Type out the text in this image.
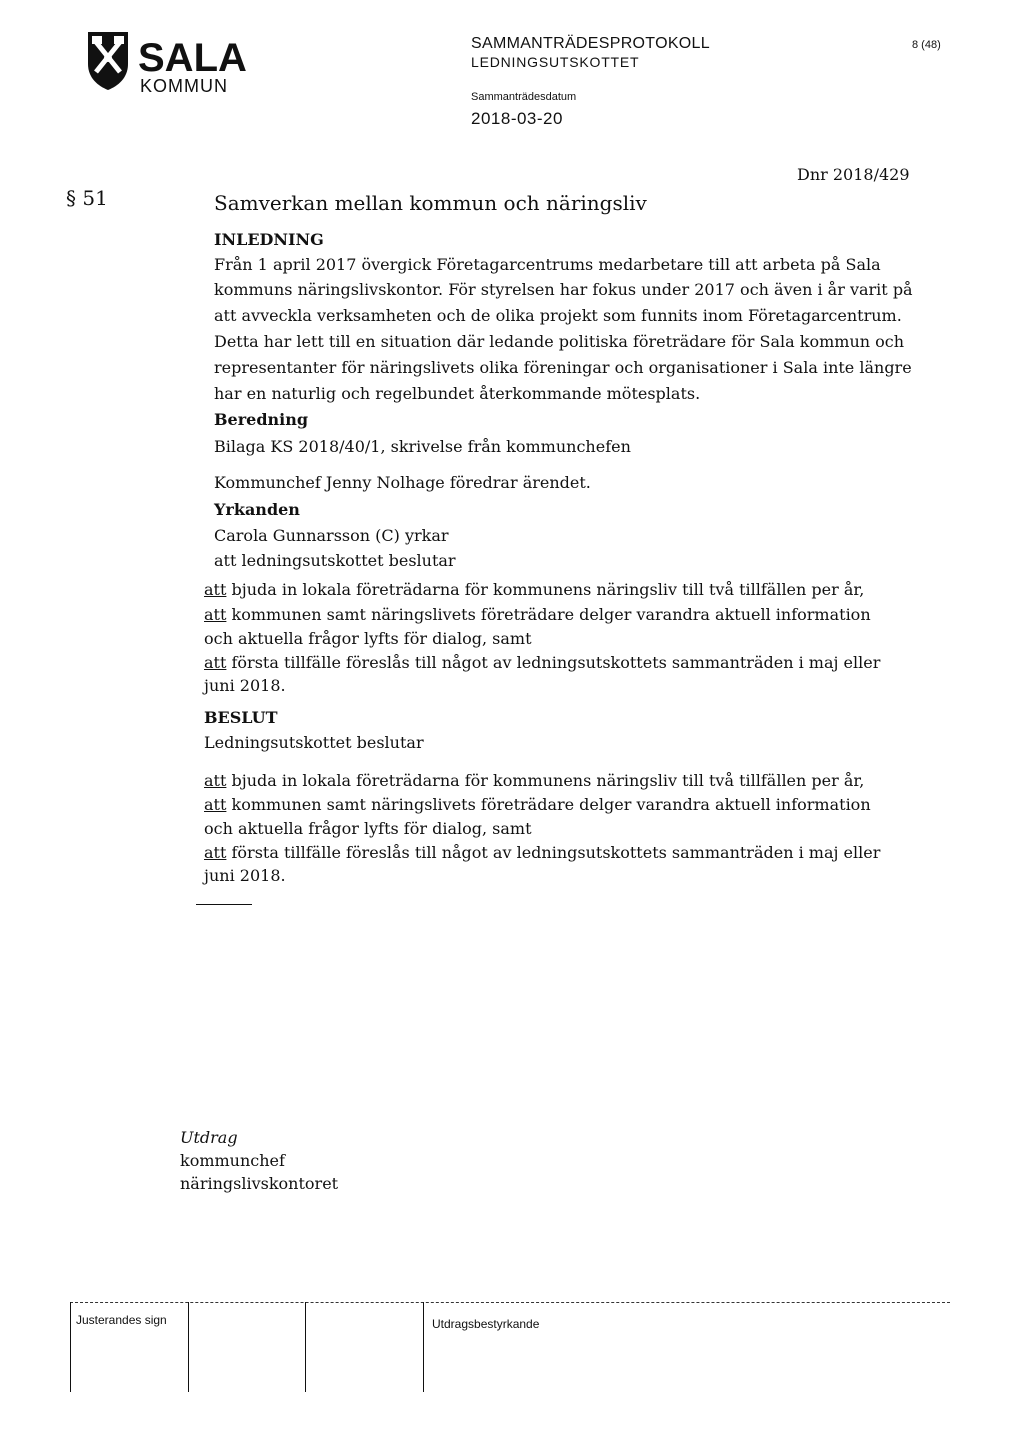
SALA
KOMMUN
SAMMANTRÄDESPROTOKOLL
LEDNINGSUTSKOTTET
8 (48)
Sammanträdesdatum
2018-03-20
§ 51
Dnr 2018/429
Samverkan mellan kommun och näringsliv
INLEDNING
Från 1 april 2017 övergick Företagarcentrums medarbetare till att arbeta på Sala
kommuns näringslivskontor. För styrelsen har fokus under 2017 och även i år varit på
att avveckla verksamheten och de olika projekt som funnits inom Företagarcentrum.
Detta har lett till en situation där ledande politiska företrädare för Sala kommun och
representanter för näringslivets olika föreningar och organisationer i Sala inte längre
har en naturlig och regelbundet återkommande mötesplats.
Beredning
Bilaga KS 2018/40/1, skrivelse från kommunchefen
Kommunchef Jenny Nolhage föredrar ärendet.
Yrkanden
Carola Gunnarsson (C) yrkar
att ledningsutskottet beslutar
att bjuda in lokala företrädarna för kommunens näringsliv till två tillfällen per år,
att kommunen samt näringslivets företrädare delger varandra aktuell information
och aktuella frågor lyfts för dialog, samt
att första tillfälle föreslås till något av ledningsutskottets sammanträden i maj eller
juni 2018.
BESLUT
Ledningsutskottet beslutar
att bjuda in lokala företrädarna för kommunens näringsliv till två tillfällen per år,
att kommunen samt näringslivets företrädare delger varandra aktuell information
och aktuella frågor lyfts för dialog, samt
att första tillfälle föreslås till något av ledningsutskottets sammanträden i maj eller
juni 2018.
Utdrag
kommunchef
näringslivskontoret
Justerandes sign	Utdragsbestyrkande
